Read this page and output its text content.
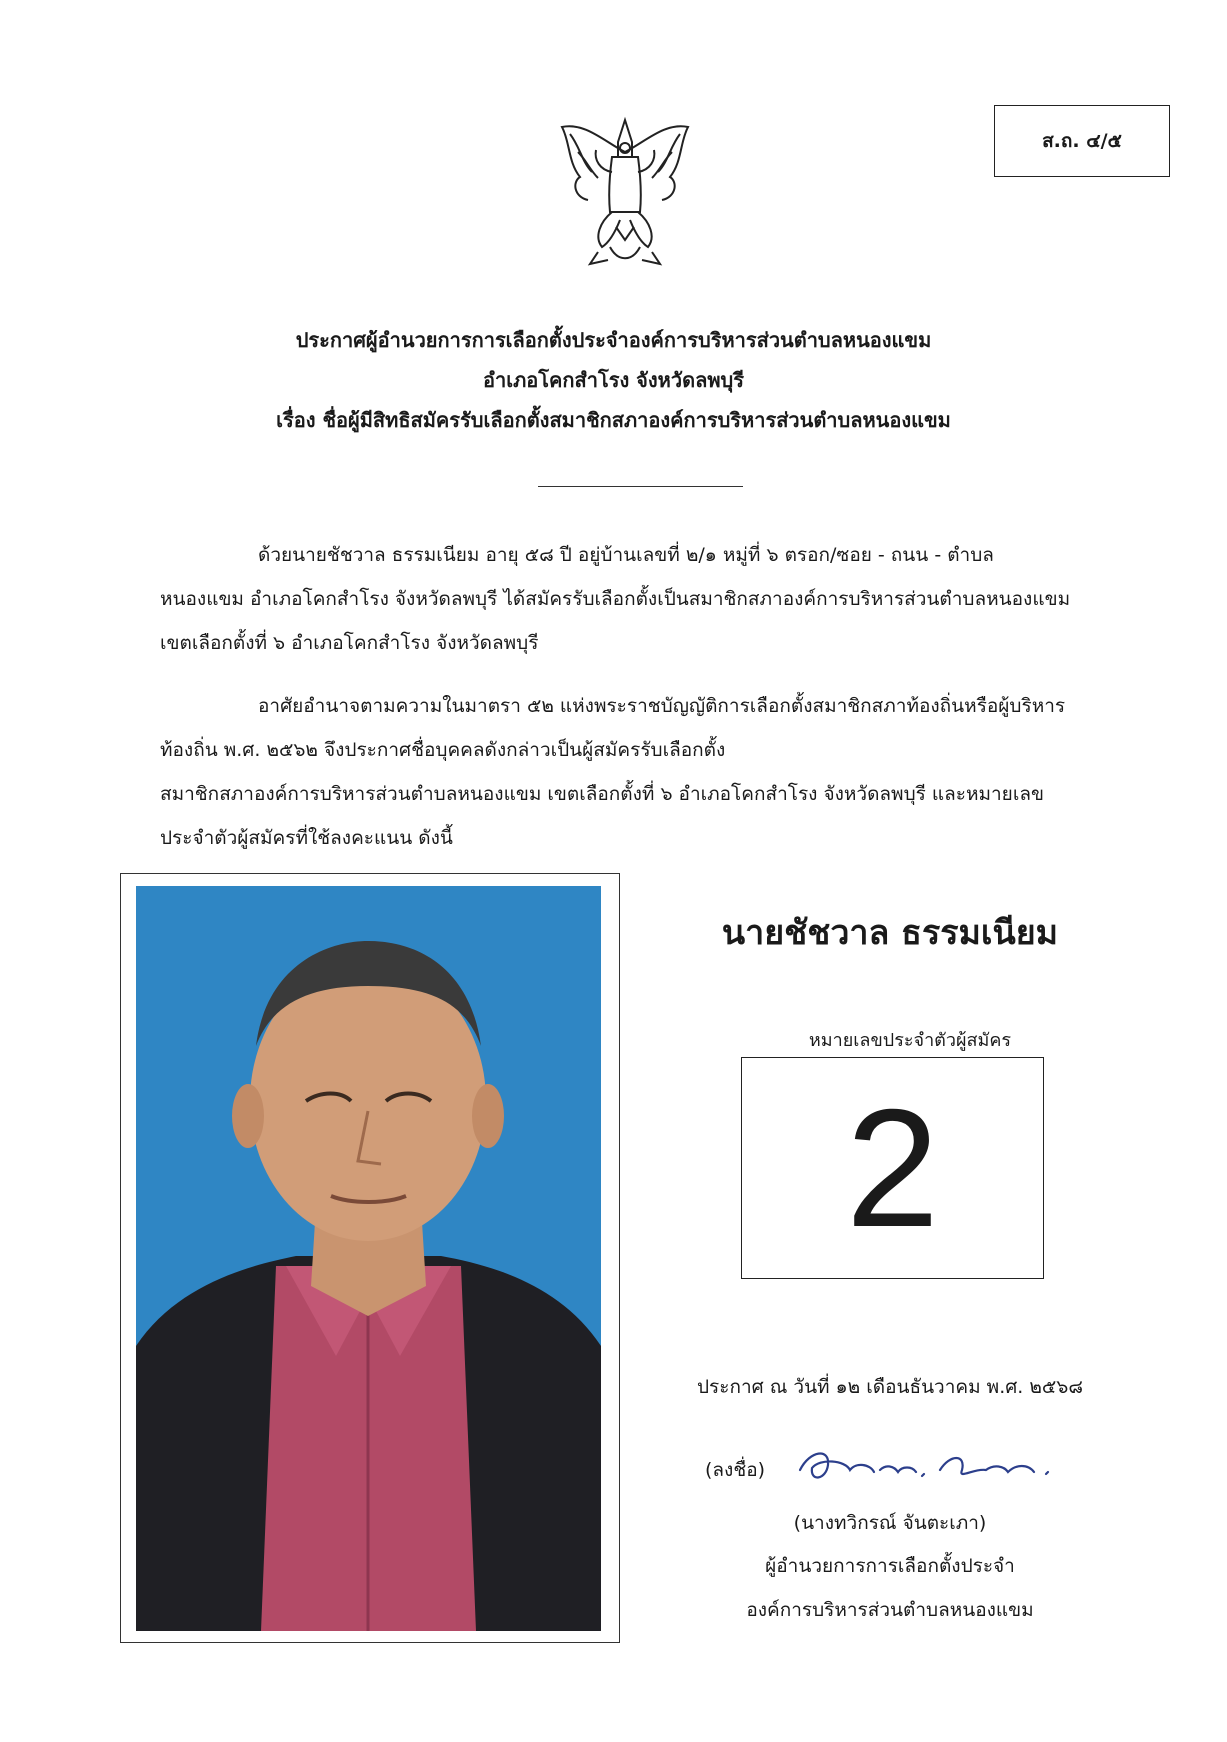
ส.ถ. ๔/๕
ประกาศผู้อำนวยการการเลือกตั้งประจำองค์การบริหารส่วนตำบลหนองแขม
อำเภอโคกสำโรง จังหวัดลพบุรี
เรื่อง ชื่อผู้มีสิทธิสมัครรับเลือกตั้งสมาชิกสภาองค์การบริหารส่วนตำบลหนองแขม
ด้วยนายชัชวาล ธรรมเนียม อายุ ๕๘ ปี อยู่บ้านเลขที่ ๒/๑ หมู่ที่ ๖ ตรอก/ซอย - ถนน - ตำบล
หนองแขม อำเภอโคกสำโรง จังหวัดลพบุรี ได้สมัครรับเลือกตั้งเป็นสมาชิกสภาองค์การบริหารส่วนตำบลหนองแขม
เขตเลือกตั้งที่ ๖ อำเภอโคกสำโรง จังหวัดลพบุรี
อาศัยอำนาจตามความในมาตรา ๕๒ แห่งพระราชบัญญัติการเลือกตั้งสมาชิกสภาท้องถิ่นหรือผู้บริหาร
ท้องถิ่น พ.ศ. ๒๕๖๒ จึงประกาศชื่อบุคคลดังกล่าวเป็นผู้สมัครรับเลือกตั้ง
สมาชิกสภาองค์การบริหารส่วนตำบลหนองแขม เขตเลือกตั้งที่ ๖ อำเภอโคกสำโรง จังหวัดลพบุรี และหมายเลข
ประจำตัวผู้สมัครที่ใช้ลงคะแนน ดังนี้
นายชัชวาล ธรรมเนียม
หมายเลขประจำตัวผู้สมัคร
2
ประกาศ ณ วันที่ ๑๒ เดือนธันวาคม พ.ศ. ๒๕๖๘
(ลงชื่อ)
(นางทวิกรณ์ จันตะเภา)
ผู้อำนวยการการเลือกตั้งประจำ
องค์การบริหารส่วนตำบลหนองแขม
